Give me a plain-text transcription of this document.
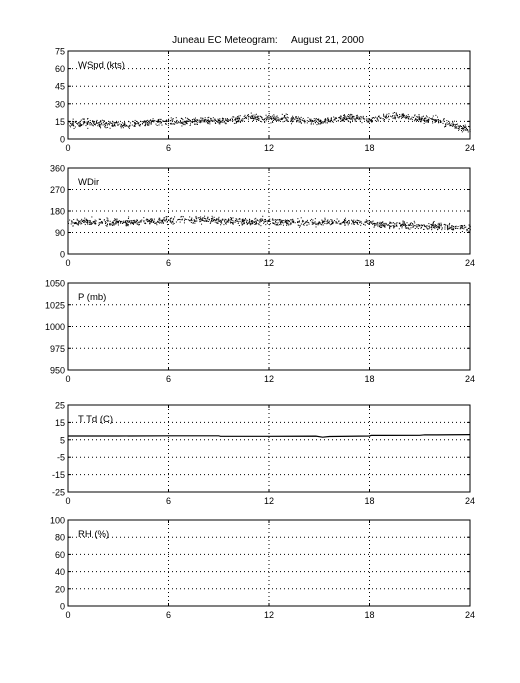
Juneau EC Meteogram:     August 21, 2000
0	6	12	18	24
0
15
30
45
60
75
WSpd (kts)
0	6	12	18	24
0
90
180
270
360
WDir
0	6	12	18	24
950
975
1000
1025
1050
P (mb)
0	6	12	18	24
-25
-15
-5
5
15
25
T Td (C)
0	6	12	18	24
0
20
40
60
80
100
RH (%)
